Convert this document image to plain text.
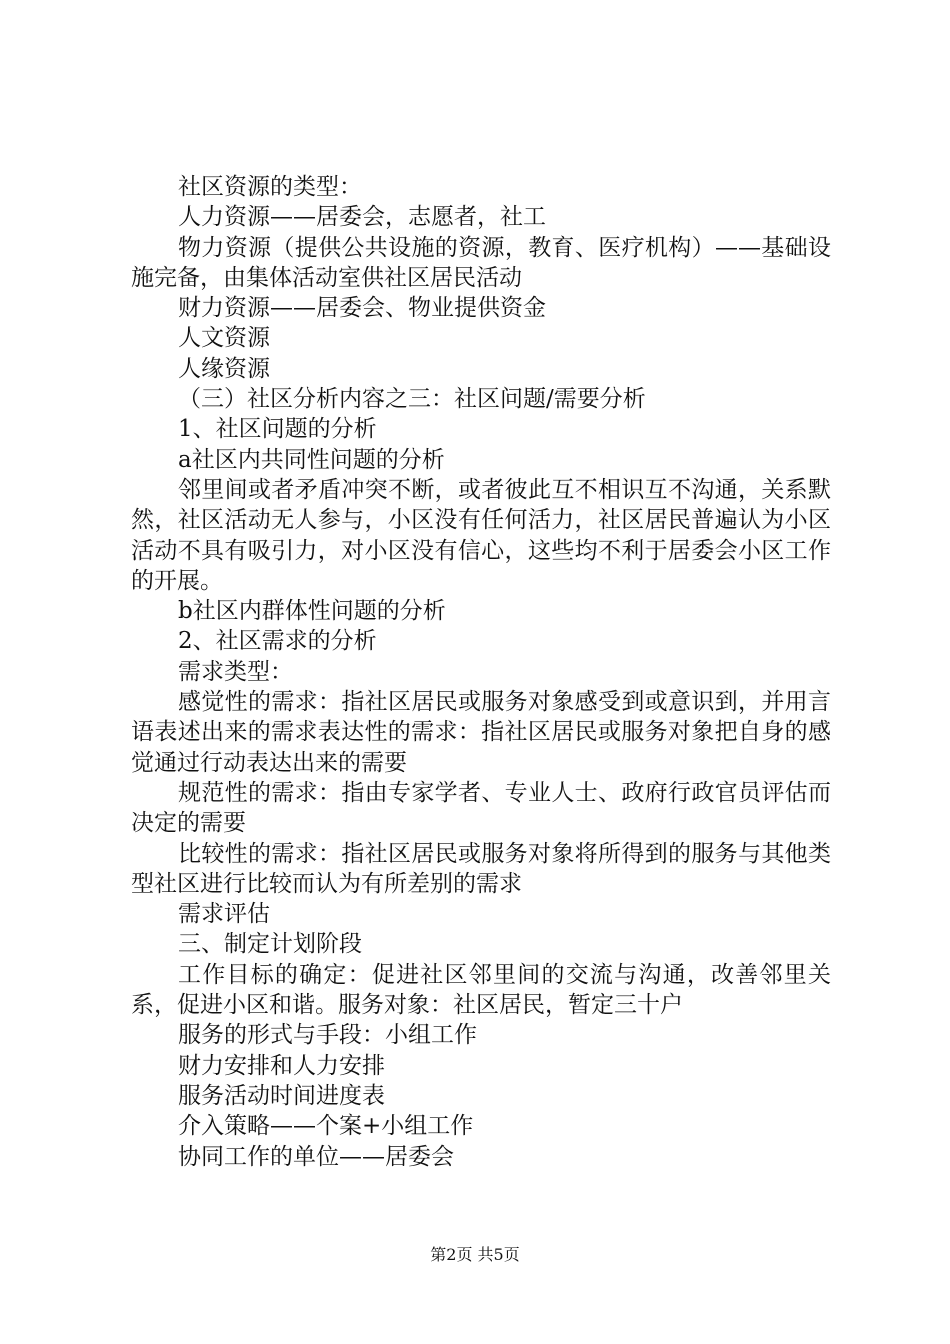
社区资源的类型：

人力资源——居委会，志愿者，社工

物力资源（提供公共设施的资源，教育、医疗机构）——基础设施完备，由集体活动室供社区居民活动

财力资源——居委会、物业提供资金

人文资源

人缘资源

（三）社区分析内容之三：社区问题/需要分析

1、社区问题的分析

a社区内共同性问题的分析

邻里间或者矛盾冲突不断，或者彼此互不相识互不沟通，关系默然，社区活动无人参与，小区没有任何活力，社区居民普遍认为小区活动不具有吸引力，对小区没有信心，这些均不利于居委会小区工作的开展。

b社区内群体性问题的分析

2、社区需求的分析

需求类型：

感觉性的需求：指社区居民或服务对象感受到或意识到，并用言语表述出来的需求表达性的需求：指社区居民或服务对象把自身的感觉通过行动表达出来的需要

规范性的需求：指由专家学者、专业人士、政府行政官员评估而决定的需要

比较性的需求：指社区居民或服务对象将所得到的服务与其他类型社区进行比较而认为有所差别的需求

需求评估

三、制定计划阶段

工作目标的确定：促进社区邻里间的交流与沟通，改善邻里关系，促进小区和谐。服务对象：社区居民，暂定三十户

服务的形式与手段：小组工作

财力安排和人力安排

服务活动时间进度表

介入策略——个案+小组工作

协同工作的单位——居委会

第2页 共5页
